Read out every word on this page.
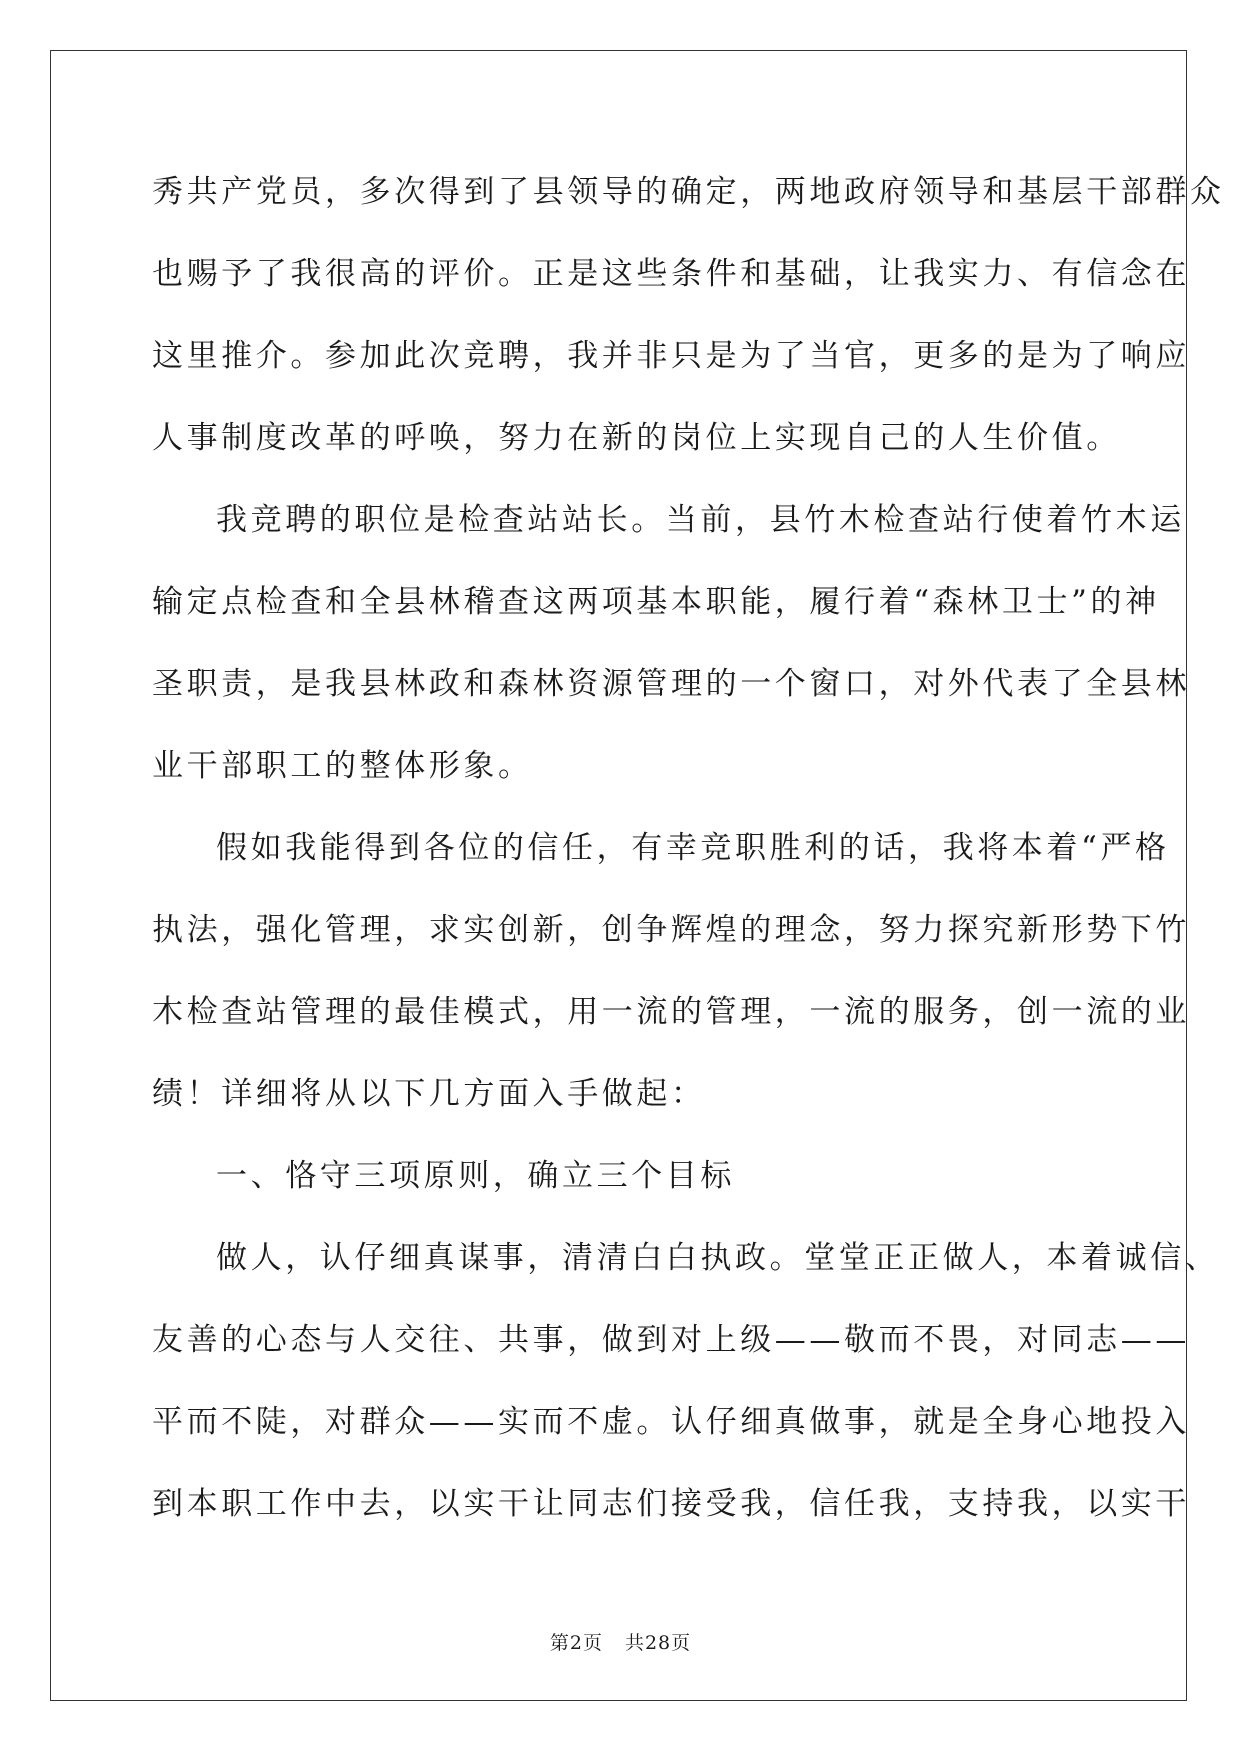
秀共产党员，多次得到了县领导的确定，两地政府领导和基层干部群众
也赐予了我很高的评价。正是这些条件和基础，让我实力、有信念在
这里推介。参加此次竞聘，我并非只是为了当官，更多的是为了响应
人事制度改革的呼唤，努力在新的岗位上实现自己的人生价值。
我竞聘的职位是检查站站长。当前，县竹木检查站行使着竹木运
输定点检查和全县林稽查这两项基本职能，履行着“森林卫士”的神
圣职责，是我县林政和森林资源管理的一个窗口，对外代表了全县林
业干部职工的整体形象。
假如我能得到各位的信任，有幸竞职胜利的话，我将本着“严格
执法，强化管理，求实创新，创争辉煌的理念，努力探究新形势下竹
木检查站管理的最佳模式，用一流的管理，一流的服务，创一流的业
绩！详细将从以下几方面入手做起：
一、恪守三项原则，确立三个目标
做人，认仔细真谋事，清清白白执政。堂堂正正做人，本着诚信、
友善的心态与人交往、共事，做到对上级——敬而不畏，对同志——
平而不陡，对群众——实而不虚。认仔细真做事，就是全身心地投入
到本职工作中去，以实干让同志们接受我，信任我，支持我，以实干
第2页 共28页
